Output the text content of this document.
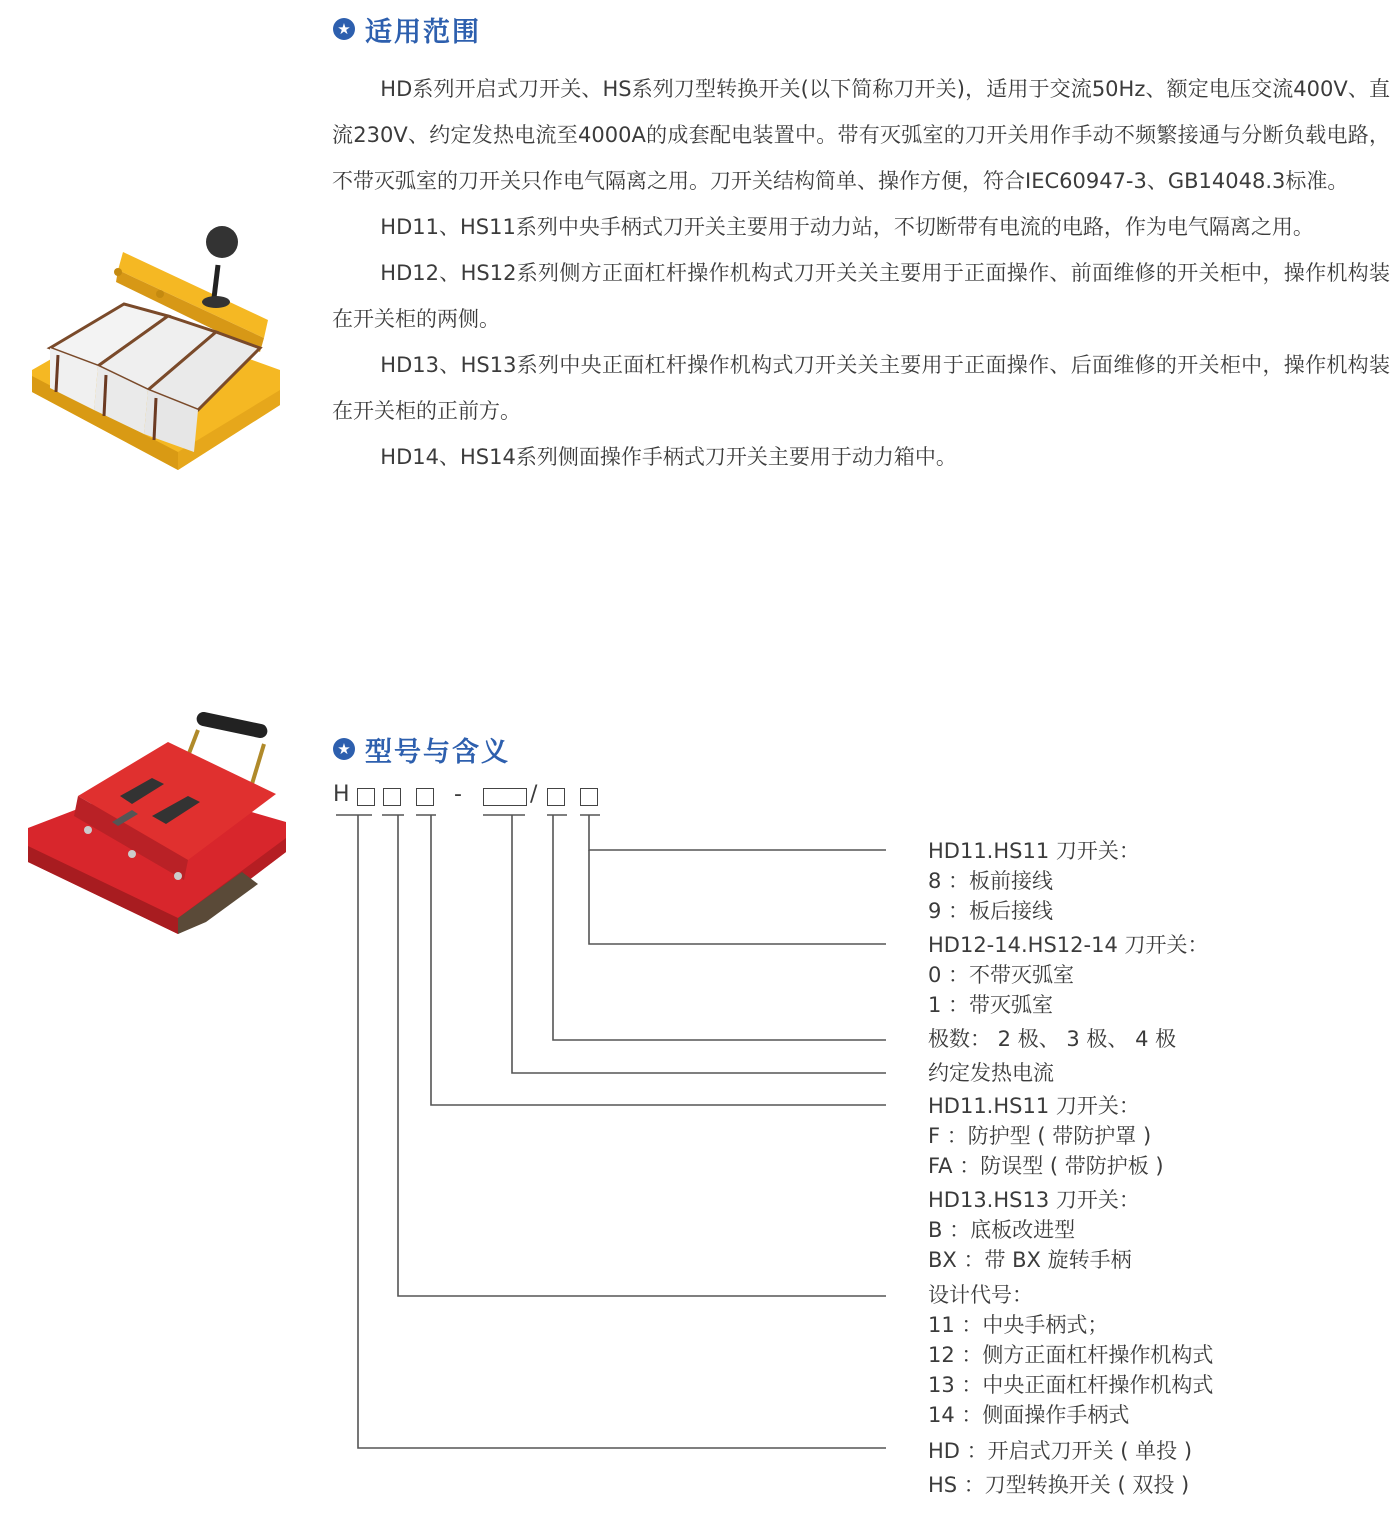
★ 适用范围

HD系列开启式刀开关、HS系列刀型转换开关(以下简称刀开关)，适用于交流50Hz、额定电压交流400V、直流230V、约定发热电流至4000A的成套配电装置中。带有灭弧室的刀开关用作手动不频繁接通与分断负载电路，不带灭弧室的刀开关只作电气隔离之用。刀开关结构简单、操作方便，符合IEC60947-3、GB14048.3标准。

HD11、HS11系列中央手柄式刀开关主要用于动力站，不切断带有电流的电路，作为电气隔离之用。

HD12、HS12系列侧方正面杠杆操作机构式刀开关关主要用于正面操作、前面维修的开关柜中，操作机构装在开关柜的两侧。

HD13、HS13系列中央正面杠杆操作机构式刀开关关主要用于正面操作、后面维修的开关柜中，操作机构装在开关柜的正前方。

HD14、HS14系列侧面操作手柄式刀开关主要用于动力箱中。

★ 型号与含义
H	-	/
HD11.HS11 刀开关：
8 ：板前接线
9 ：板后接线
HD12-14.HS12-14 刀开关：
0 ：不带灭弧室
1 ：带灭弧室
极数： 2 极、 3 极、 4 极
约定发热电流
HD11.HS11 刀开关：
F ：防护型 ( 带防护罩 )
FA ：防误型 ( 带防护板 )
HD13.HS13 刀开关：
B ：底板改进型
BX ：带 BX 旋转手柄
设计代号：
11 ：中央手柄式；
12 ：侧方正面杠杆操作机构式
13 ：中央正面杠杆操作机构式
14 ：侧面操作手柄式
HD ：开启式刀开关 ( 单投 )
HS ：刀型转换开关 ( 双投 )
